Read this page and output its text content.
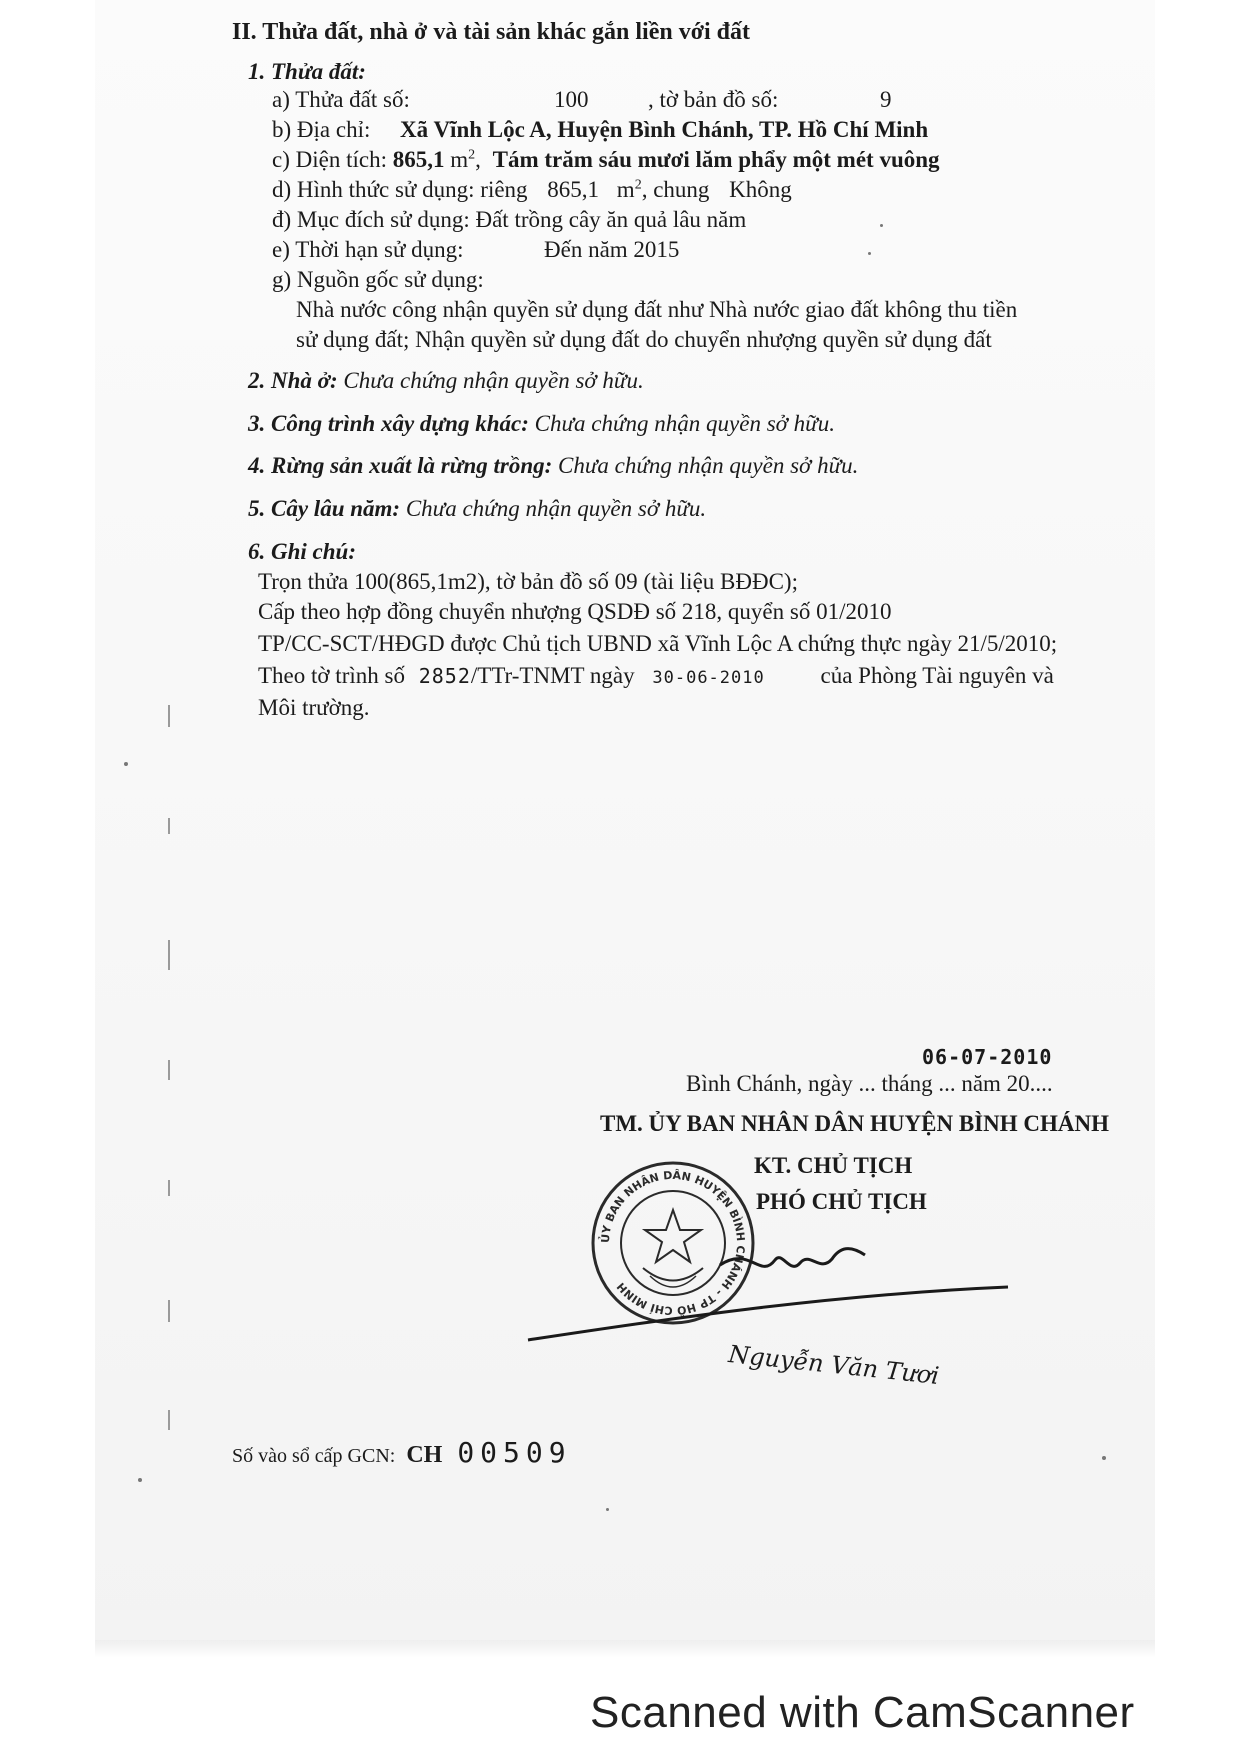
II. Thửa đất, nhà ở và tài sản khác gắn liền với đất
1. Thửa đất:
a) Thửa đất số:	100	, tờ bản đồ số:	9
b) Địa chỉ: Xã Vĩnh Lộc A, Huyện Bình Chánh, TP. Hồ Chí Minh
c) Diện tích: 865,1 $m^2$, Tám trăm sáu mươi lăm phẩy một mét vuông
d) Hình thức sử dụng: riêng 865,1 $m^2$, chung Không
đ) Mục đích sử dụng: Đất trồng cây ăn quả lâu năm
e) Thời hạn sử dụng:	Đến năm 2015
g) Nguồn gốc sử dụng:
Nhà nước công nhận quyền sử dụng đất như Nhà nước giao đất không thu tiền
sử dụng đất; Nhận quyền sử dụng đất do chuyển nhượng quyền sử dụng đất
2. Nhà ở: Chưa chứng nhận quyền sở hữu.
3. Công trình xây dựng khác: Chưa chứng nhận quyền sở hữu.
4. Rừng sản xuất là rừng trồng: Chưa chứng nhận quyền sở hữu.
5. Cây lâu năm: Chưa chứng nhận quyền sở hữu.
6. Ghi chú:
Trọn thửa 100(865,1m2), tờ bản đồ số 09 (tài liệu BĐĐC);
Cấp theo hợp đồng chuyển nhượng QSDĐ số 218, quyển số 01/2010
TP/CC-SCT/HĐGD được Chủ tịch UBND xã Vĩnh Lộc A chứng thực ngày 21/5/2010;
Theo tờ trình số 2852/TTr-TNMT ngày 30-06-2010 của Phòng Tài nguyên và
Môi trường.
06-07-2010
Bình Chánh, ngày ... tháng ... năm 20....
TM. ỦY BAN NHÂN DÂN HUYỆN BÌNH CHÁNH
KT. CHỦ TỊCH
PHÓ CHỦ TỊCH
ỦY BAN NHÂN DÂN HUYỆN BÌNH CHÁNH - TP HỒ CHÍ MINH
Nguyễn Văn Tươi
Số vào sổ cấp GCN: CH 00509
Scanned with CamScanner
